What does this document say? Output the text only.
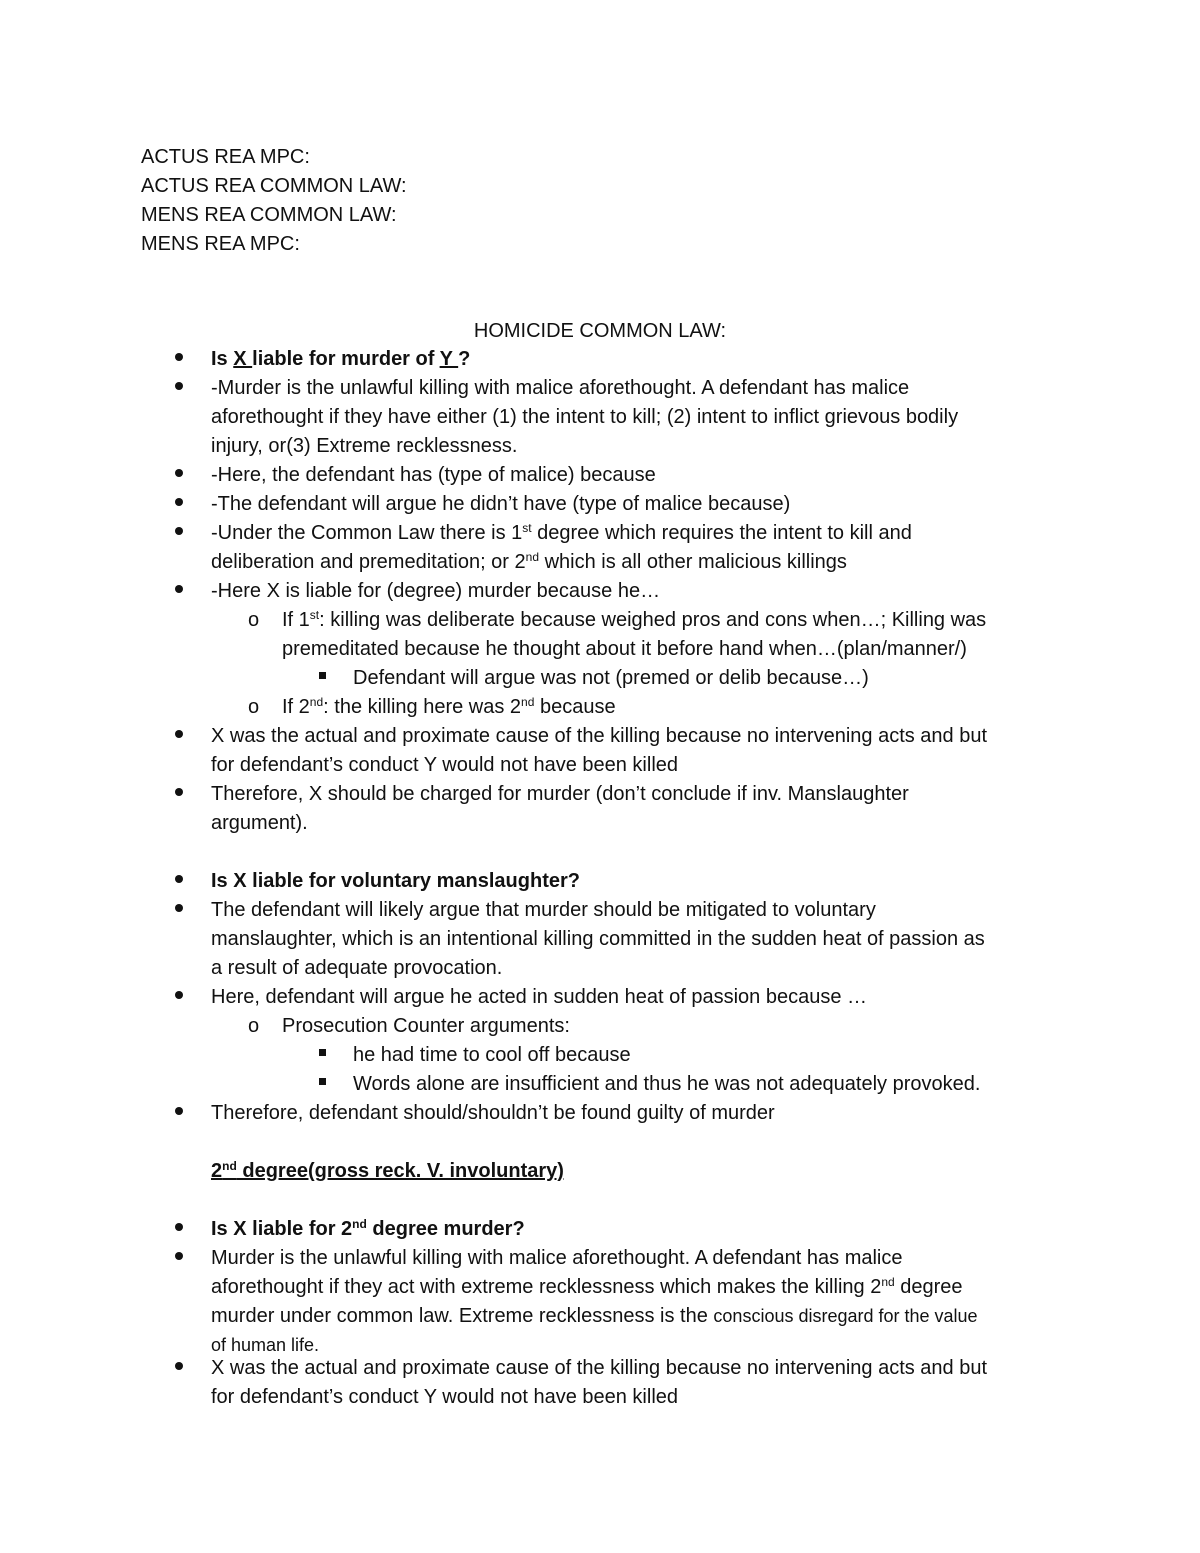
ACTUS REA MPC:
ACTUS REA COMMON LAW:
MENS REA COMMON LAW:
MENS REA MPC:
HOMICIDE COMMON LAW:
Is X liable for murder of Y ?
-Murder is the unlawful killing with malice aforethought. A defendant has malice
aforethought if they have either (1) the intent to kill; (2) intent to inflict grievous bodily
injury, or(3) Extreme recklessness.
-Here, the defendant has (type of malice) because
-The defendant will argue he didn’t have (type of malice because)
-Under the Common Law there is 1st degree which requires the intent to kill and
deliberation and premeditation; or 2nd which is all other malicious killings
-Here X is liable for (degree) murder because he…
o If 1st: killing was deliberate because weighed pros and cons when…; Killing was
premeditated because he thought about it before hand when…(plan/manner/)
Defendant will argue was not (premed or delib because…)
o If 2nd: the killing here was 2nd because
X was the actual and proximate cause of the killing because no intervening acts and but
for defendant’s conduct Y would not have been killed
Therefore, X should be charged for murder (don’t conclude if inv. Manslaughter
argument).
Is X liable for voluntary manslaughter?
The defendant will likely argue that murder should be mitigated to voluntary
manslaughter, which is an intentional killing committed in the sudden heat of passion as
a result of adequate provocation.
Here, defendant will argue he acted in sudden heat of passion because …
o Prosecution Counter arguments:
he had time to cool off because
Words alone are insufficient and thus he was not adequately provoked.
Therefore, defendant should/shouldn’t be found guilty of murder
2nd degree(gross reck. V. involuntary)
Is X liable for 2nd degree murder?
Murder is the unlawful killing with malice aforethought. A defendant has malice
aforethought if they act with extreme recklessness which makes the killing 2nd degree
murder under common law. Extreme recklessness is the conscious disregard for the value
of human life.
X was the actual and proximate cause of the killing because no intervening acts and but
for defendant’s conduct Y would not have been killed
